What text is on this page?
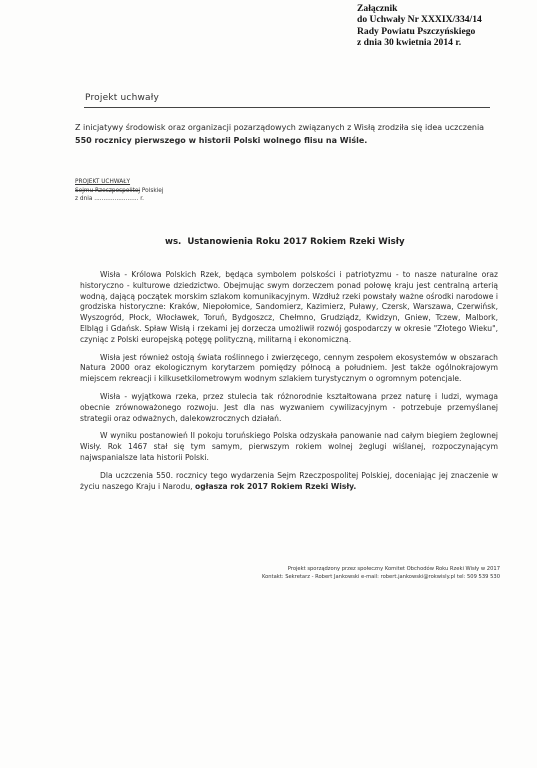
Załącznik
do Uchwały Nr XXXIX/334/14
Rady Powiatu Pszczyńskiego
z dnia 30 kwietnia 2014 r.
Projekt uchwały

Z inicjatywy środowisk oraz organizacji pozarządowych związanych z Wisłą zrodziła się idea uczczenia

550 rocznicy pierwszego w historii Polski wolnego flisu na Wiśle.

PROJEKT UCHWAŁY
Sejmu Rzeczpospolitej Polskiej
z dnia ........................ r.
ws. Ustanowienia Roku 2017 Rokiem Rzeki Wisły

Wisła - Królowa Polskich Rzek, będąca symbolem polskości i patriotyzmu - to nasze naturalne oraz historyczno - kulturowe dziedzictwo. Obejmując swym dorzeczem ponad połowę kraju jest centralną arterią wodną, dającą początek morskim szlakom komunikacyjnym. Wzdłuż rzeki powstały ważne ośrodki narodowe i grodziska historyczne: Kraków, Niepołomice, Sandomierz, Kazimierz, Puławy, Czersk, Warszawa, Czerwińsk, Wyszogród, Płock, Włocławek, Toruń, Bydgoszcz, Chełmno, Grudziądz, Kwidzyn, Gniew, Tczew, Malbork, Elbląg i Gdańsk. Spław Wisłą i rzekami jej dorzecza umożliwił rozwój gospodarczy w okresie "Złotego Wieku", czyniąc z Polski europejską potęgę polityczną, militarną i ekonomiczną.

Wisła jest również ostoją świata roślinnego i zwierzęcego, cennym zespołem ekosystemów w obszarach Natura 2000 oraz ekologicznym korytarzem pomiędzy północą a południem. Jest także ogólnokrajowym miejscem rekreacji i kilkusetkilometrowym wodnym szlakiem turystycznym o ogromnym potencjale.

Wisła - wyjątkowa rzeka, przez stulecia tak różnorodnie kształtowana przez naturę i ludzi, wymaga obecnie zrównoważonego rozwoju. Jest dla nas wyzwaniem cywilizacyjnym - potrzebuje przemyślanej strategii oraz odważnych, dalekowzrocznych działań.

W wyniku postanowień II pokoju toruńskiego Polska odzyskała panowanie nad całym biegiem żeglownej Wisły. Rok 1467 stał się tym samym, pierwszym rokiem wolnej żeglugi wiślanej, rozpoczynającym najwspanialsze lata historii Polski.

Dla uczczenia 550. rocznicy tego wydarzenia Sejm Rzeczpospolitej Polskiej, doceniając jej znaczenie w życiu naszego Kraju i Narodu, ogłasza rok 2017 Rokiem Rzeki Wisły.

Projekt sporządzony przez społeczny Komitet Obchodów Roku Rzeki Wisły w 2017
Kontakt: Sekretarz - Robert Jankowski e-mail: robert.jankowski@rokwisly.pl tel: 509 539 530
